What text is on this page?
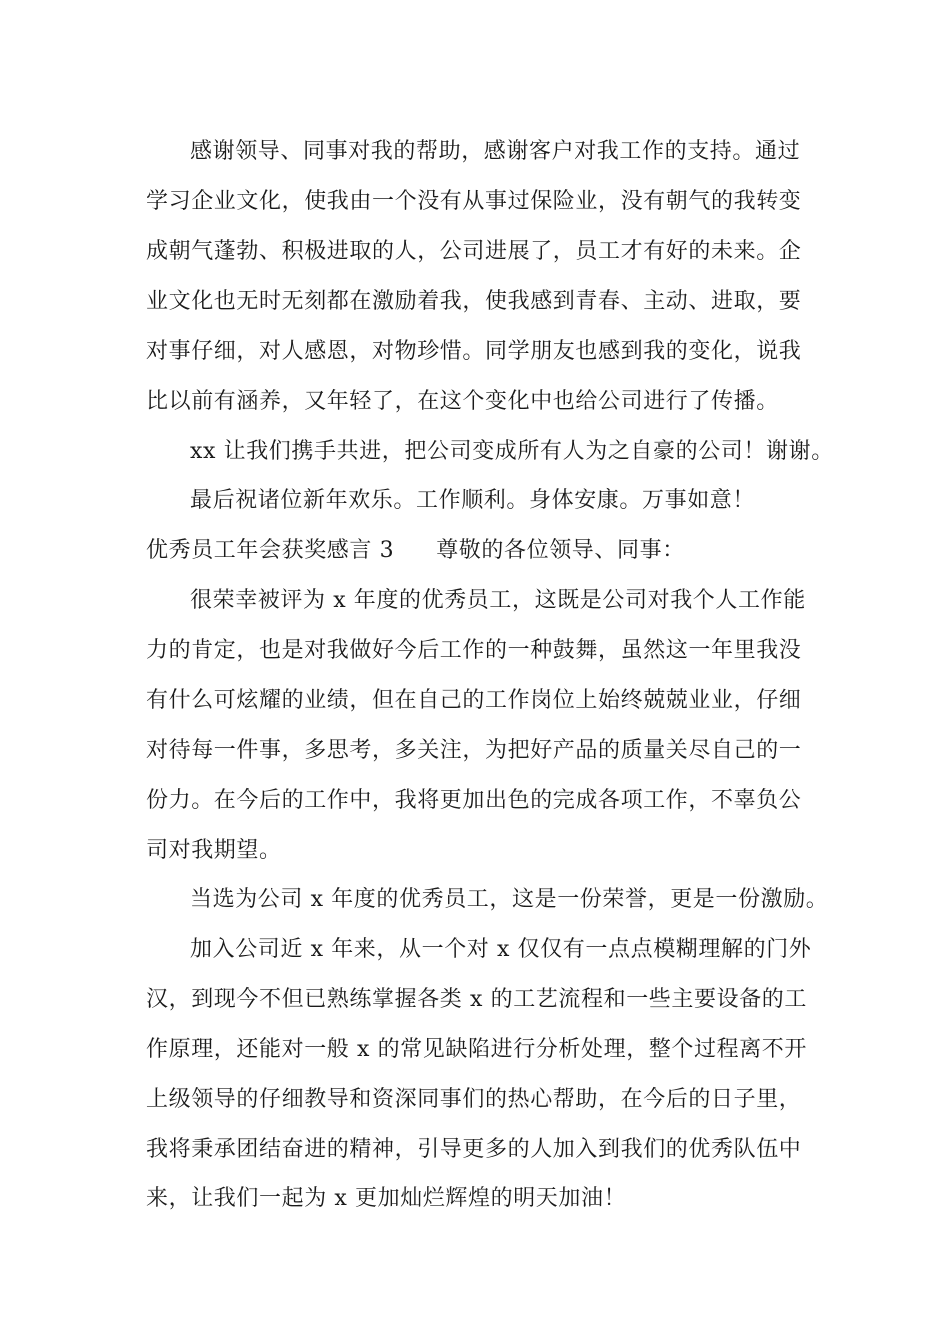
感谢领导、同事对我的帮助，感谢客户对我工作的支持。通过
学习企业文化，使我由一个没有从事过保险业，没有朝气的我转变
成朝气蓬勃、积极进取的人，公司进展了，员工才有好的未来。企
业文化也无时无刻都在激励着我，使我感到青春、主动、进取，要
对事仔细，对人感恩，对物珍惜。同学朋友也感到我的变化，说我
比以前有涵养，又年轻了，在这个变化中也给公司进行了传播。
xx 让我们携手共进，把公司变成所有人为之自豪的公司！谢谢。
最后祝诸位新年欢乐。工作顺利。身体安康。万事如意！
优秀员工年会获奖感言 3 尊敬的各位领导、同事：
很荣幸被评为 x 年度的优秀员工，这既是公司对我个人工作能
力的肯定，也是对我做好今后工作的一种鼓舞，虽然这一年里我没
有什么可炫耀的业绩，但在自己的工作岗位上始终兢兢业业，仔细
对待每一件事，多思考，多关注，为把好产品的质量关尽自己的一
份力。在今后的工作中，我将更加出色的完成各项工作，不辜负公
司对我期望。
当选为公司 x 年度的优秀员工，这是一份荣誉，更是一份激励。
加入公司近 x 年来，从一个对 x 仅仅有一点点模糊理解的门外
汉，到现今不但已熟练掌握各类 x 的工艺流程和一些主要设备的工
作原理，还能对一般 x 的常见缺陷进行分析处理，整个过程离不开
上级领导的仔细教导和资深同事们的热心帮助，在今后的日子里，
我将秉承团结奋进的精神，引导更多的人加入到我们的优秀队伍中
来，让我们一起为 x 更加灿烂辉煌的明天加油！
